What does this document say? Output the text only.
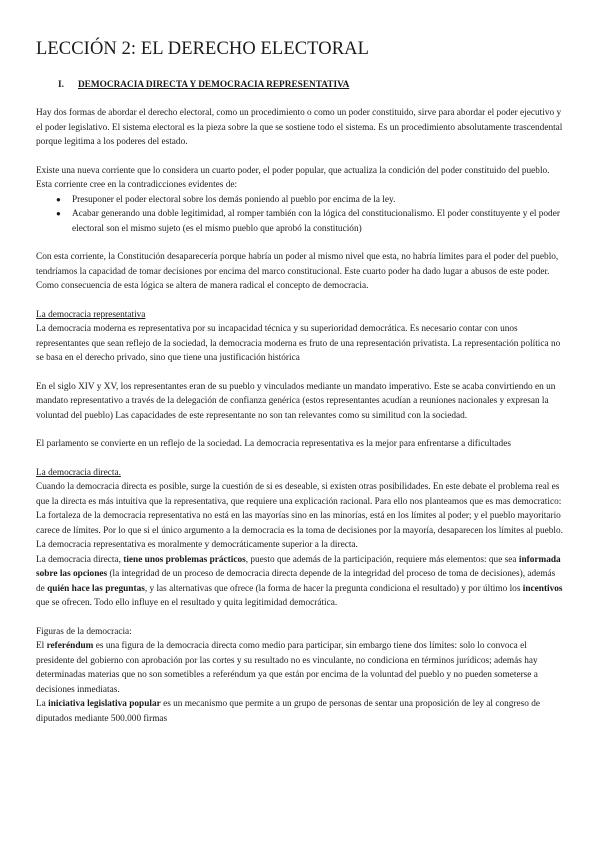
LECCIÓN 2: EL DERECHO ELECTORAL
I. DEMOCRACIA DIRECTA Y DEMOCRACIA REPRESENTATIVA

Hay dos formas de abordar el derecho electoral, como un procedimiento o como un poder constituido, sirve para abordar el poder ejecutivo y el poder legislativo. El sistema electoral es la pieza sobre la que se sostiene todo el sistema. Es un procedimiento absolutamente trascendental porque legitima a los poderes del estado.

Existe una nueva corriente que lo considera un cuarto poder, el poder popular, que actualiza la condición del poder constituido del pueblo. Esta corriente cree en la contradicciones evidentes de:

● Presuponer el poder electoral sobre los demás poniendo al pueblo por encima de la ley.
● Acabar generando una doble legitimidad, al romper también con la lógica del constitucionalismo. El poder constituyente y el poder electoral son el mismo sujeto (es el mismo pueblo que aprobó la constitución)

Con esta corriente, la Constitución desaparecería porque habría un poder al mismo nivel que esta, no habría límites para el poder del pueblo, tendríamos la capacidad de tomar decisiones por encima del marco constitucional. Este cuarto poder ha dado lugar a abusos de este poder. Como consecuencia de esta lógica se altera de manera radical el concepto de democracia.

La democracia representativa

La democracia moderna es representativa por su incapacidad técnica y su superioridad democrática. Es necesario contar con unos representantes que sean reflejo de la sociedad, la democracia moderna es fruto de una representación privatista. La representación política no se basa en el derecho privado, sino que tiene una justificación histórica

En el siglo XIV y XV, los representantes eran de su pueblo y vinculados mediante un mandato imperativo. Este se acaba convirtiendo en un mandato representativo a través de la delegación de confianza genérica (estos representantes acudían a reuniones nacionales y expresan la voluntad del pueblo) Las capacidades de este representante no son tan relevantes como su similitud con la sociedad.

El parlamento se convierte en un reflejo de la sociedad. La democracia representativa es la mejor para enfrentarse a dificultades

La democracia directa.

Cuando la democracia directa es posible, surge la cuestión de si es deseable, si existen otras posibilidades. En este debate el problema real es que la directa es más intuitiva que la representativa, que requiere una explicación racional. Para ello nos planteamos que es mas democratico: La fortaleza de la democracia representativa no está en las mayorías sino en las minorías, está en los límites al poder; y el pueblo mayoritario carece de límites. Por lo que si el único argumento a la democracia es la toma de decisiones por la mayoría, desaparecen los límites al pueblo.

La democracia representativa es moralmente y democráticamente superior a la directa.

La democracia directa, tiene unos problemas prácticos, puesto que además de la participación, requiere más elementos: que sea informada sobre las opciones (la integridad de un proceso de democracia directa depende de la integridad del proceso de toma de decisiones), además de quién hace las preguntas, y las alternativas que ofrece (la forma de hacer la pregunta condiciona el resultado) y por último los incentivos que se ofrecen. Todo ello influye en el resultado y quita legitimidad democrática.

Figuras de la democracia:

El referéndum es una figura de la democracia directa como medio para participar, sin embargo tiene dos límites: solo lo convoca el presidente del gobierno con aprobación por las cortes y su resultado no es vinculante, no condiciona en términos jurídicos; además hay determinadas materias que no son sometibles a referéndum ya que están por encima de la voluntad del pueblo y no pueden someterse a decisiones inmediatas.

La iniciativa legislativa popular es un mecanismo que permite a un grupo de personas de sentar una proposición de ley al congreso de diputados mediante 500.000 firmas
